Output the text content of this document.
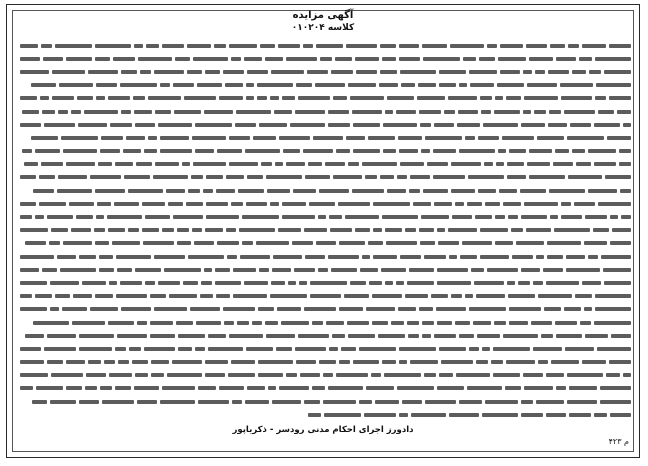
آگهی مزایده
کلاسه ۰۱۰۲۰۴
دادورز اجرای احکام مدنی رودسر - ذکریاپور
م ۴۲۳
